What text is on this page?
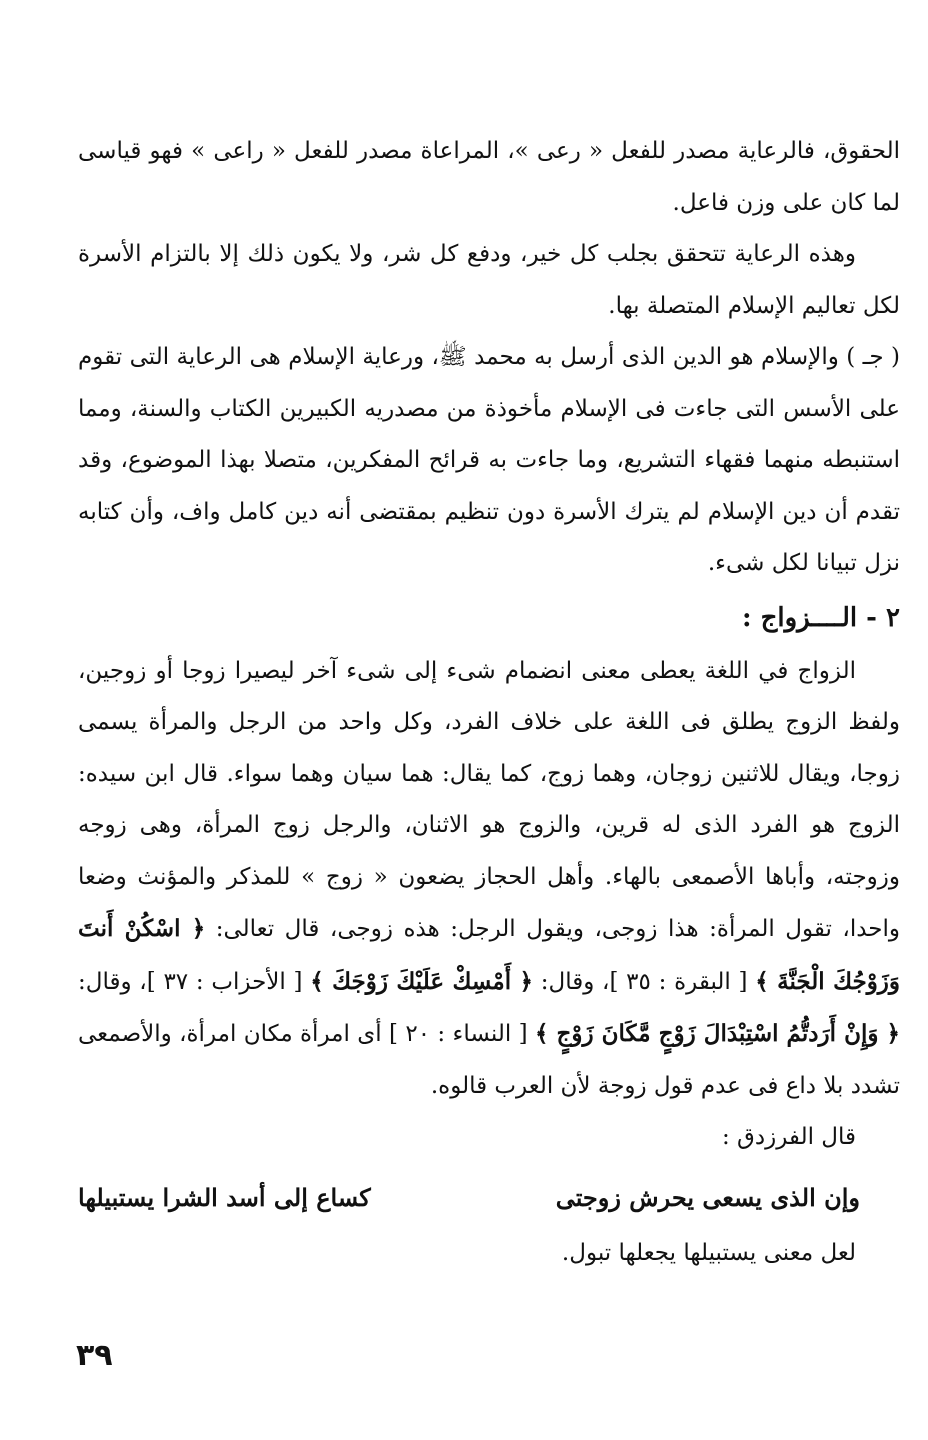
الحقوق، فالرعاية مصدر للفعل « رعى »، المراعاة مصدر للفعل « راعى » فهو قياسى لما كان على وزن فاعل.

وهذه الرعاية تتحقق بجلب كل خير، ودفع كل شر، ولا يكون ذلك إلا بالتزام الأسرة لكل تعاليم الإسلام المتصلة بها.

( جـ ) والإسلام هو الدين الذى أرسل به محمد ﷺ، ورعاية الإسلام هى الرعاية التى تقوم على الأسس التى جاءت فى الإسلام مأخوذة من مصدريه الكبيرين الكتاب والسنة، ومما استنبطه منهما فقهاء التشريع، وما جاءت به قرائح المفكرين، متصلا بهذا الموضوع، وقد تقدم أن دين الإسلام لم يترك الأسرة دون تنظيم بمقتضى أنه دين كامل واف، وأن كتابه نزل تبيانا لكل شىء.

٢ - الــــزواج :

الزواج في اللغة يعطى معنى انضمام شىء إلى شىء آخر ليصيرا زوجا أو زوجين، ولفظ الزوج يطلق فى اللغة على خلاف الفرد، وكل واحد من الرجل والمرأة يسمى زوجا، ويقال للاثنين زوجان، وهما زوج، كما يقال: هما سيان وهما سواء. قال ابن سيده: الزوج هو الفرد الذى له قرين، والزوج هو الاثنان، والرجل زوج المرأة، وهى زوجه وزوجته، وأباها الأصمعى بالهاء. وأهل الحجاز يضعون « زوج » للمذكر والمؤنث وضعا واحدا، تقول المرأة: هذا زوجى، ويقول الرجل: هذه زوجى، قال تعالى: ﴿ اسْكُنْ أَنتَ وَزَوْجُكَ الْجَنَّةَ ﴾ [ البقرة : ٣٥ ]، وقال: ﴿ أَمْسِكْ عَلَيْكَ زَوْجَكَ ﴾ [ الأحزاب : ٣٧ ]، وقال: ﴿ وَإِنْ أَرَدتُّمُ اسْتِبْدَالَ زَوْجٍ مَّكَانَ زَوْجٍ ﴾ [ النساء : ٢٠ ] أى امرأة مكان امرأة، والأصمعى تشدد بلا داع فى عدم قول زوجة لأن العرب قالوه.

قال الفرزدق :

وإن الذى يسعى يحرش زوجتى
كساع إلى أسد الشرا يستبيلها

لعل معنى يستبيلها يجعلها تبول.

٣٩
